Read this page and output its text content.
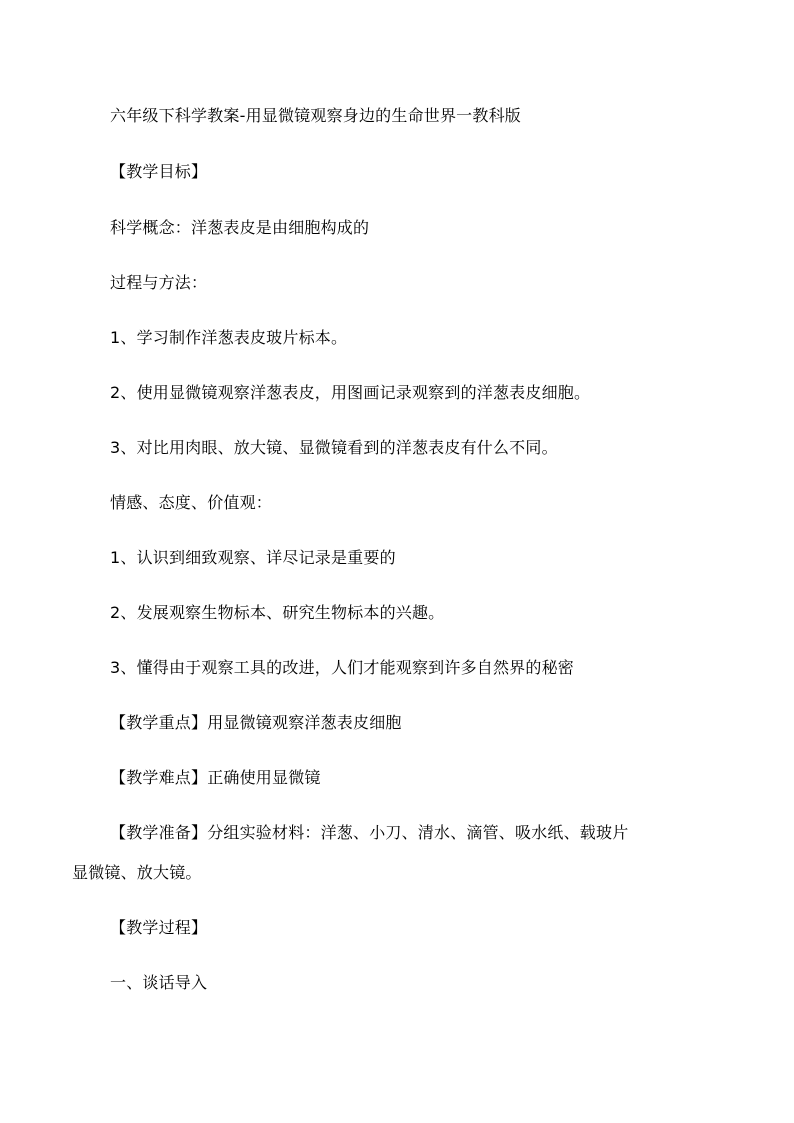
六年级下科学教案-用显微镜观察身边的生命世界一教科版
【教学目标】
科学概念：洋葱表皮是由细胞构成的
过程与方法：
1、学习制作洋葱表皮玻片标本。
2、使用显微镜观察洋葱表皮，用图画记录观察到的洋葱表皮细胞。
3、对比用肉眼、放大镜、显微镜看到的洋葱表皮有什么不同。
情感、态度、价值观：
1、认识到细致观察、详尽记录是重要的
2、发展观察生物标本、研究生物标本的兴趣。
3、懂得由于观察工具的改进，人们才能观察到许多自然界的秘密
【教学重点】用显微镜观察洋葱表皮细胞
【教学难点】正确使用显微镜
【教学准备】分组实验材料：洋葱、小刀、清水、滴管、吸水纸、载玻片
显微镜、放大镜。
【教学过程】
一、谈话导入
